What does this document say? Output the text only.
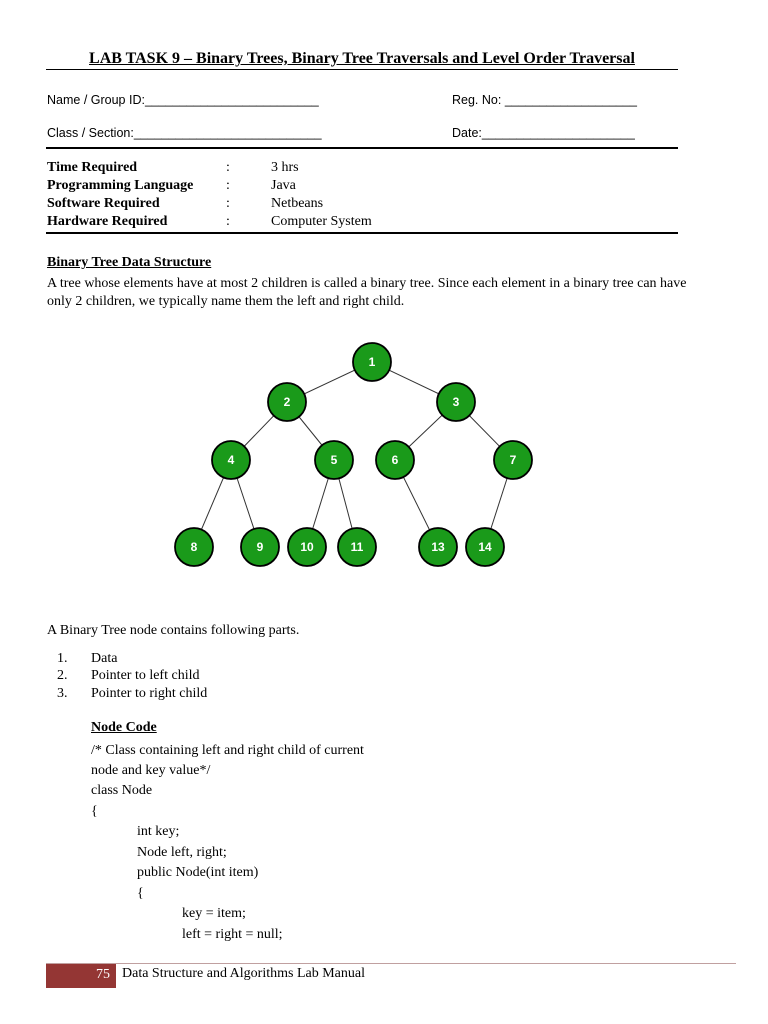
LAB TASK 9 – Binary Trees, Binary Tree Traversals and Level Order Traversal
Name / Group ID:_________________________	Reg. No: ___________________
Class / Section:___________________________	Date:______________________
Time Required	:	3 hrs
Programming Language :	Java
Software Required	:	Netbeans
Hardware Required	:	Computer System
Binary Tree Data Structure
A tree whose elements have at most 2 children is called a binary tree. Since each element in a binary tree can have only 2 children, we typically name them the left and right child.
1
2	3
4	5	6	7
8	9	10	11	13	14
A Binary Tree node contains following parts.
1. Data
2. Pointer to left child
3. Pointer to right child
Node Code
/* Class containing left and right child of current
node and key value*/
class Node
{
int key;
Node left, right;
public Node(int item)
{
key = item;
left = right = null;
75 Data Structure and Algorithms Lab Manual
